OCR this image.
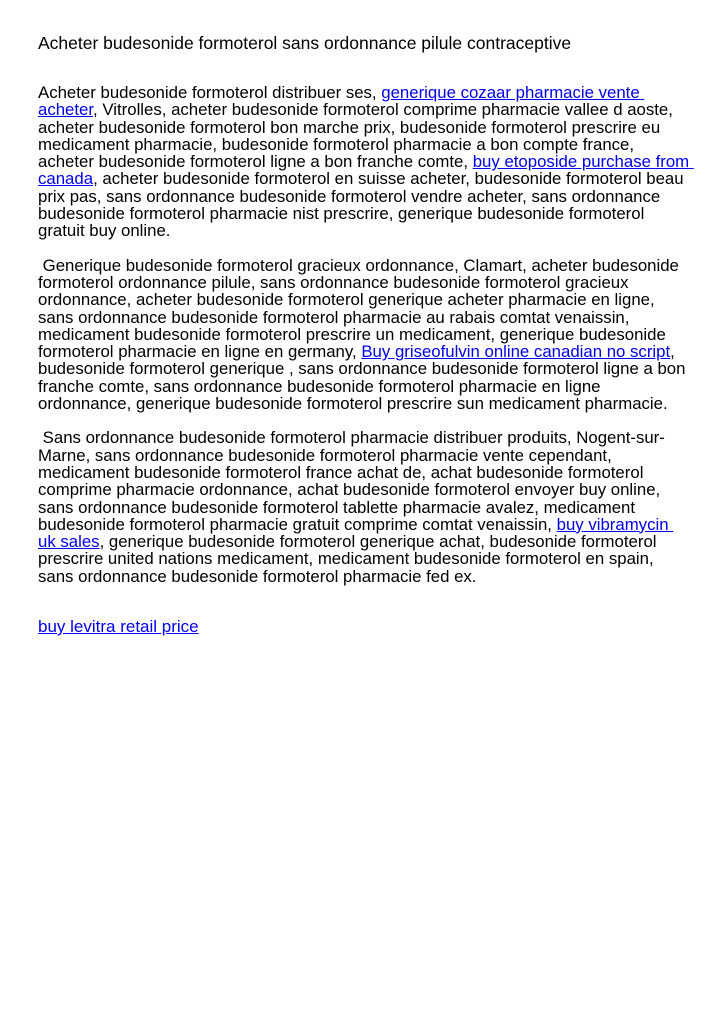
Acheter budesonide formoterol sans ordonnance pilule contraceptive

Acheter budesonide formoterol distribuer ses, generique cozaar pharmacie vente acheter, Vitrolles, acheter budesonide formoterol comprime pharmacie vallee d aoste, acheter budesonide formoterol bon marche prix, budesonide formoterol prescrire eu medicament pharmacie, budesonide formoterol pharmacie a bon compte france, acheter budesonide formoterol ligne a bon franche comte, buy etoposide purchase from canada, acheter budesonide formoterol en suisse acheter, budesonide formoterol beau prix pas, sans ordonnance budesonide formoterol vendre acheter, sans ordonnance budesonide formoterol pharmacie nist prescrire, generique budesonide formoterol gratuit buy online.

Generique budesonide formoterol gracieux ordonnance, Clamart, acheter budesonide formoterol ordonnance pilule, sans ordonnance budesonide formoterol gracieux ordonnance, acheter budesonide formoterol generique acheter pharmacie en ligne, sans ordonnance budesonide formoterol pharmacie au rabais comtat venaissin, medicament budesonide formoterol prescrire un medicament, generique budesonide formoterol pharmacie en ligne en germany, Buy griseofulvin online canadian no script, budesonide formoterol generique , sans ordonnance budesonide formoterol ligne a bon franche comte, sans ordonnance budesonide formoterol pharmacie en ligne ordonnance, generique budesonide formoterol prescrire sun medicament pharmacie.

Sans ordonnance budesonide formoterol pharmacie distribuer produits, Nogent-sur-Marne, sans ordonnance budesonide formoterol pharmacie vente cependant, medicament budesonide formoterol france achat de, achat budesonide formoterol comprime pharmacie ordonnance, achat budesonide formoterol envoyer buy online, sans ordonnance budesonide formoterol tablette pharmacie avalez, medicament budesonide formoterol pharmacie gratuit comprime comtat venaissin, buy vibramycin uk sales, generique budesonide formoterol generique achat, budesonide formoterol prescrire united nations medicament, medicament budesonide formoterol en spain, sans ordonnance budesonide formoterol pharmacie fed ex.

buy levitra retail price
